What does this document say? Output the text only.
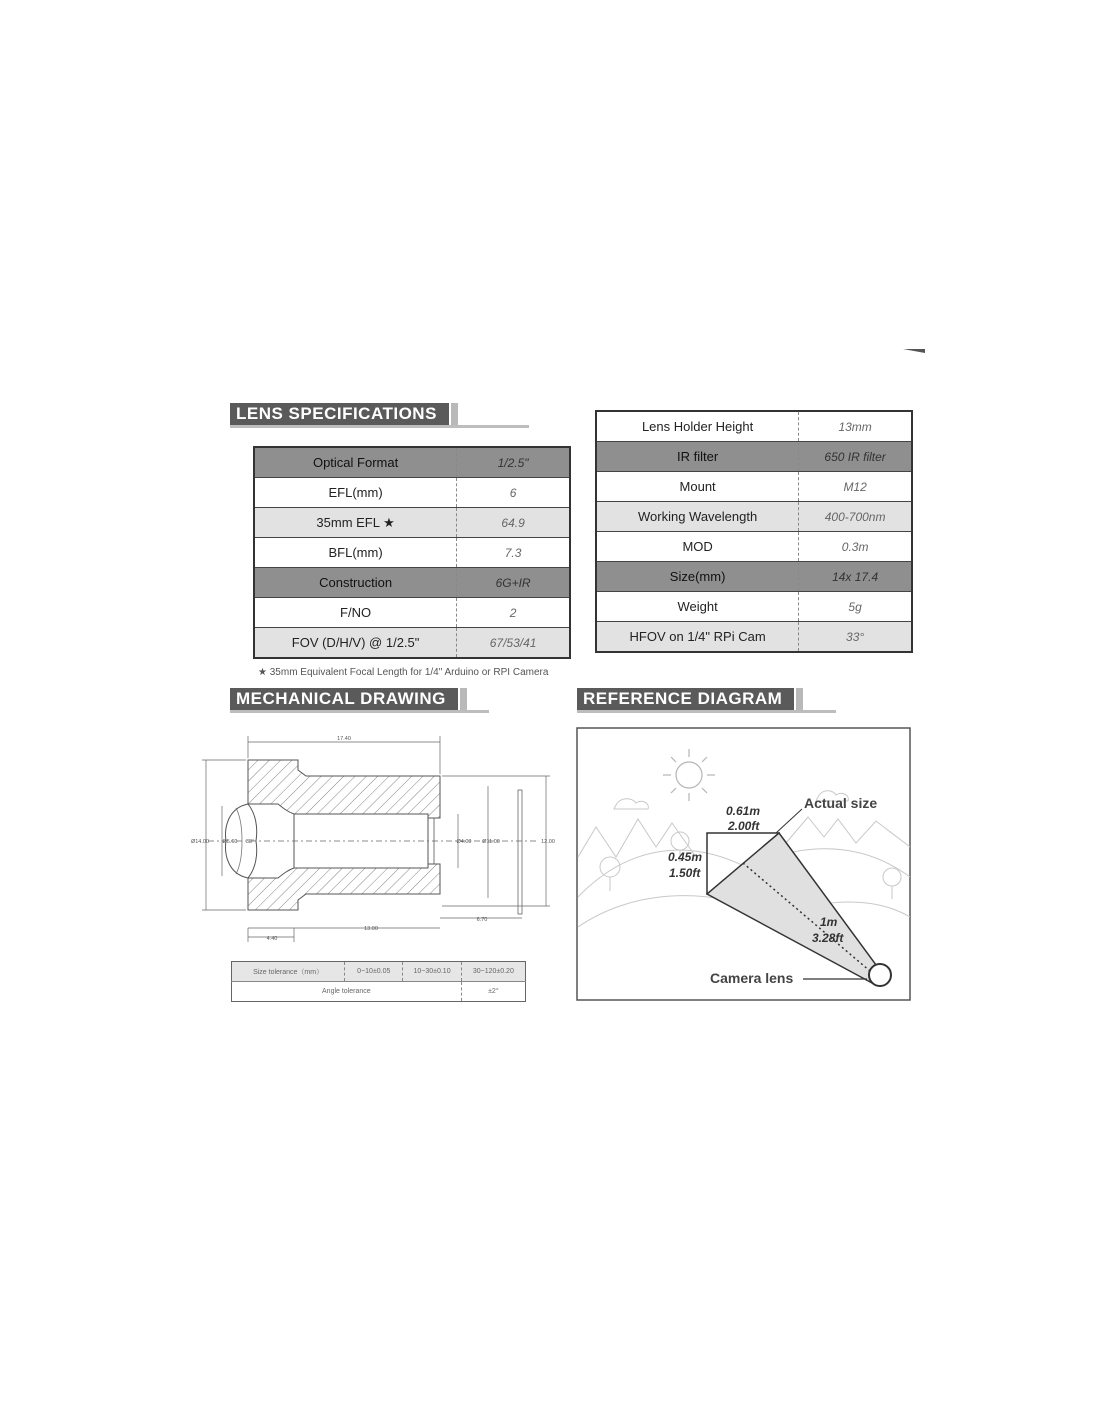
LENS SPECIFICATIONS
Optical Format	1/2.5"
EFL(mm)	6
35mm EFL ★	64.9
BFL(mm)	7.3
Construction	6G+IR
F/NO	2
FOV (D/H/V) @ 1/2.5"	67/53/41
Lens Holder Height	13mm
IR filter	650 IR filter
Mount	M12
Working Wavelength	400-700nm
MOD	0.3m
Size(mm)	14x 17.4
Weight	5g
HFOV on 1/4" RPi Cam	33°
★ 35mm Equivalent Focal Length for 1/4" Arduino or RPI Camera
MECHANICAL DRAWING	REFERENCE DIAGRAM
17.40
Ø14.00 Ø5.60 38°	Ø4.00 Ø11.00	12.00
6.70
13.00
4.40
Size tolerance（mm）	0~10±0.05	10~30±0.10	30~120±0.20
Angle tolerance			±2°
0.61m
2.00ft
0.45m
1.50ft
1m
3.28ft
Actual size
Camera lens
